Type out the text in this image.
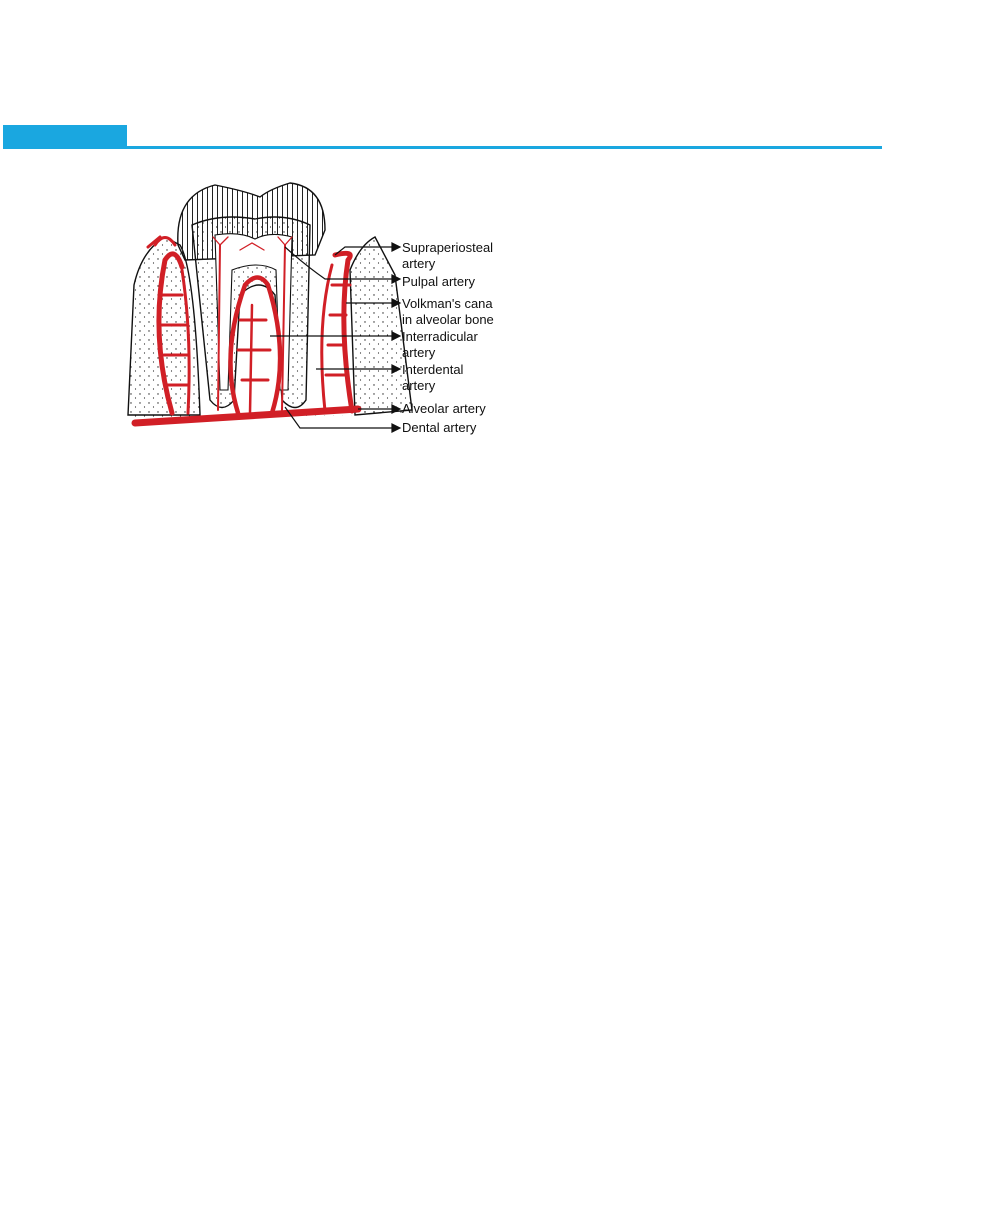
Supraperiosteal
artery
Pulpal artery
Volkman's cana
in alveolar bone
Interradicular
artery
Interdental
artery
Alveolar artery
Dental artery
